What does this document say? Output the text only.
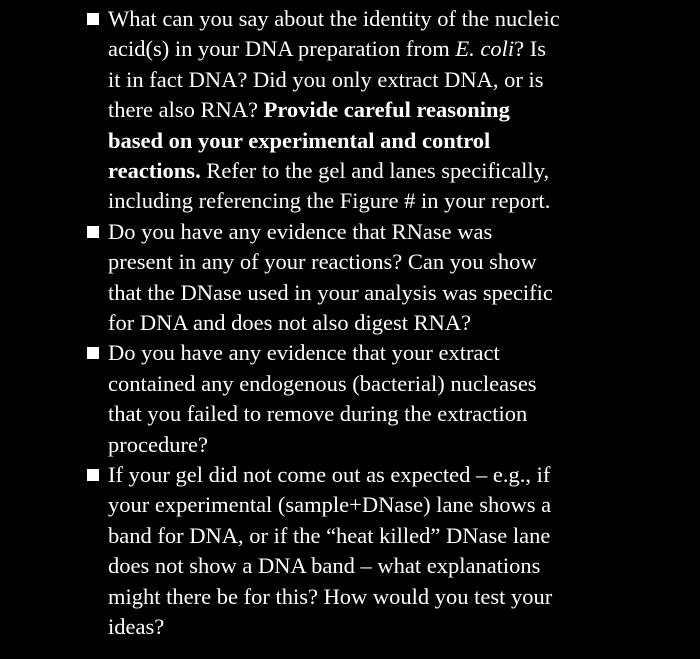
What can you say about the identity of the nucleic
acid(s) in your DNA preparation from E. coli? Is
it in fact DNA? Did you only extract DNA, or is
there also RNA? Provide careful reasoning
based on your experimental and control
reactions. Refer to the gel and lanes specifically,
including referencing the Figure # in your report.
Do you have any evidence that RNase was
present in any of your reactions? Can you show
that the DNase used in your analysis was specific
for DNA and does not also digest RNA?
Do you have any evidence that your extract
contained any endogenous (bacterial) nucleases
that you failed to remove during the extraction
procedure?
If your gel did not come out as expected – e.g., if
your experimental (sample+DNase) lane shows a
band for DNA, or if the “heat killed” DNase lane
does not show a DNA band – what explanations
might there be for this? How would you test your
ideas?
